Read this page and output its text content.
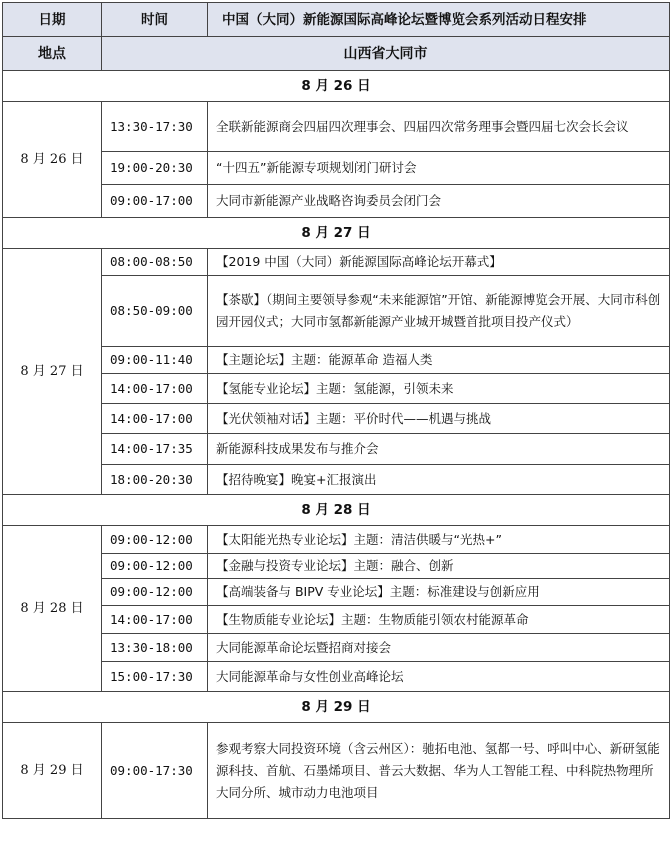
日期	时间	中国（大同）新能源国际高峰论坛暨博览会系列活动日程安排
地点	山西省大同市	
8 月 26 日		
8 月 26 日	13:30-17:30	全联新能源商会四届四次理事会、四届四次常务理事会暨四届七次会长会议
	19:00-20:30	“十四五”新能源专项规划闭门研讨会
	09:00-17:00	大同市新能源产业战略咨询委员会闭门会
8 月 27 日		
8 月 27 日	08:00-08:50	【2019 中国（大同）新能源国际高峰论坛开幕式】
	08:50-09:00	【茶歇】（期间主要领导参观“未来能源馆”开馆、新能源博览会开展、大同市科创园开园仪式；大同市氢都新能源产业城开城暨首批项目投产仪式）
	09:00-11:40	【主题论坛】主题：能源革命 造福人类
	14:00-17:00	【氢能专业论坛】主题：氢能源，引领未来
	14:00-17:00	【光伏领袖对话】主题：平价时代——机遇与挑战
	14:00-17:35	新能源科技成果发布与推介会
	18:00-20:30	【招待晚宴】晚宴+汇报演出
8 月 28 日		
8 月 28 日	09:00-12:00	【太阳能光热专业论坛】主题：清洁供暖与“光热+”
	09:00-12:00	【金融与投资专业论坛】主题：融合、创新
	09:00-12:00	【高端装备与 BIPV 专业论坛】主题：标准建设与创新应用
	14:00-17:00	【生物质能专业论坛】主题：生物质能引领农村能源革命
	13:30-18:00	大同能源革命论坛暨招商对接会
	15:00-17:30	大同能源革命与女性创业高峰论坛
8 月 29 日		
8 月 29 日	09:00-17:30	参观考察大同投资环境（含云州区）：驰拓电池、氢都一号、呼叫中心、新研氢能源科技、首航、石墨烯项目、普云大数据、华为人工智能工程、中科院热物理所大同分所、城市动力电池项目
